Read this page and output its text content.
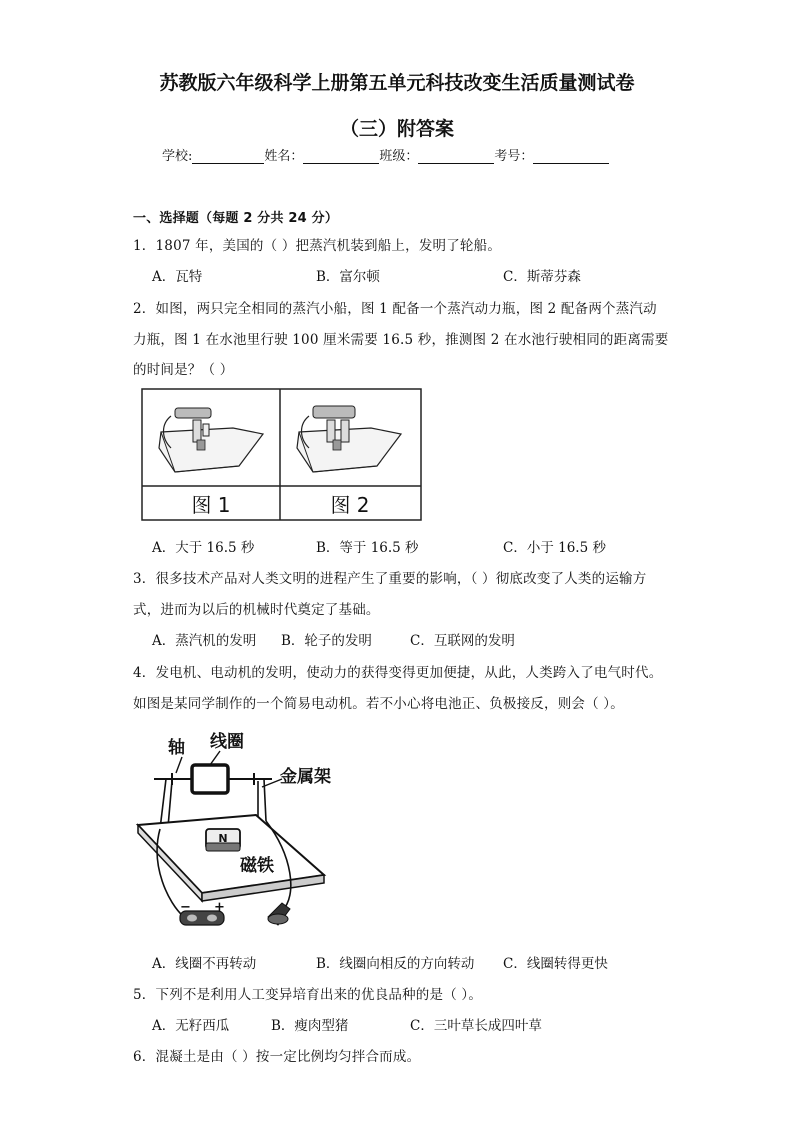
苏教版六年级科学上册第五单元科技改变生活质量测试卷
（三）附答案
学校:	姓名：	班级：	考号：
一、选择题（每题 2 分共 24 分）
1．1807 年，美国的（ ）把蒸汽机装到船上，发明了轮船。
A．瓦特	B．富尔顿	C．斯蒂芬森
2．如图，两只完全相同的蒸汽小船，图 1 配备一个蒸汽动力瓶，图 2 配备两个蒸汽动
力瓶，图 1 在水池里行驶 100 厘米需要 16.5 秒，推测图 2 在水池行驶相同的距离需要
的时间是？（ ）
图 1	图 2
A．大于 16.5 秒	B．等于 16.5 秒	C．小于 16.5 秒
3．很多技术产品对人类文明的进程产生了重要的影响，（ ）彻底改变了人类的运输方
式，进而为以后的机械时代奠定了基础。
A．蒸汽机的发明 B．轮子的发明	C．互联网的发明
4．发电机、电动机的发明，使动力的获得变得更加便捷，从此，人类跨入了电气时代。
如图是某同学制作的一个简易电动机。若不小心将电池正、负极接反，则会（ ）。
轴 线圈
金属架
N
磁铁
− +
A．线圈不再转动	B．线圈向相反的方向转动 C．线圈转得更快
5．下列不是利用人工变异培育出来的优良品种的是（ ）。
A．无籽西瓜	B．瘦肉型猪	C．三叶草长成四叶草
6．混凝土是由（ ）按一定比例均匀拌合而成。
